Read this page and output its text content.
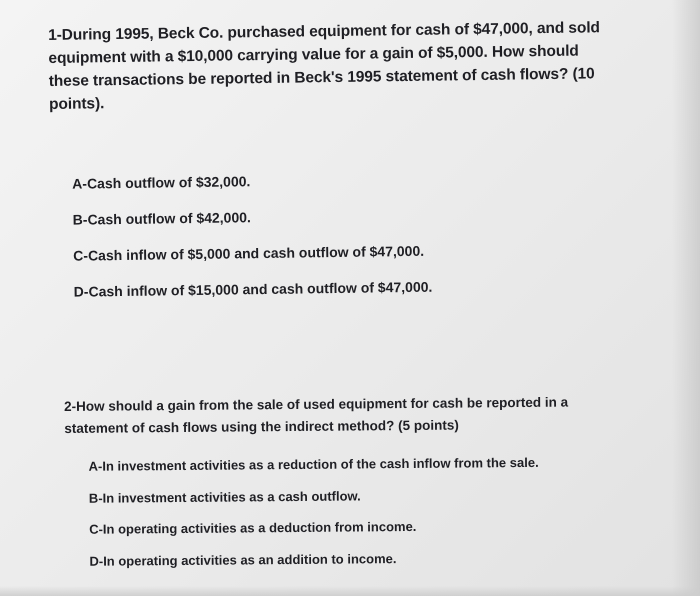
1-During 1995, Beck Co. purchased equipment for cash of $47,000, and sold equipment with a $10,000 carrying value for a gain of $5,000. How should these transactions be reported in Beck's 1995 statement of cash flows? (10 points).

A-Cash outflow of $32,000.

B-Cash outflow of $42,000.

C-Cash inflow of $5,000 and cash outflow of $47,000.

D-Cash inflow of $15,000 and cash outflow of $47,000.

2-How should a gain from the sale of used equipment for cash be reported in a statement of cash flows using the indirect method? (5 points)

A-In investment activities as a reduction of the cash inflow from the sale.

B-In investment activities as a cash outflow.

C-In operating activities as a deduction from income.

D-In operating activities as an addition to income.
